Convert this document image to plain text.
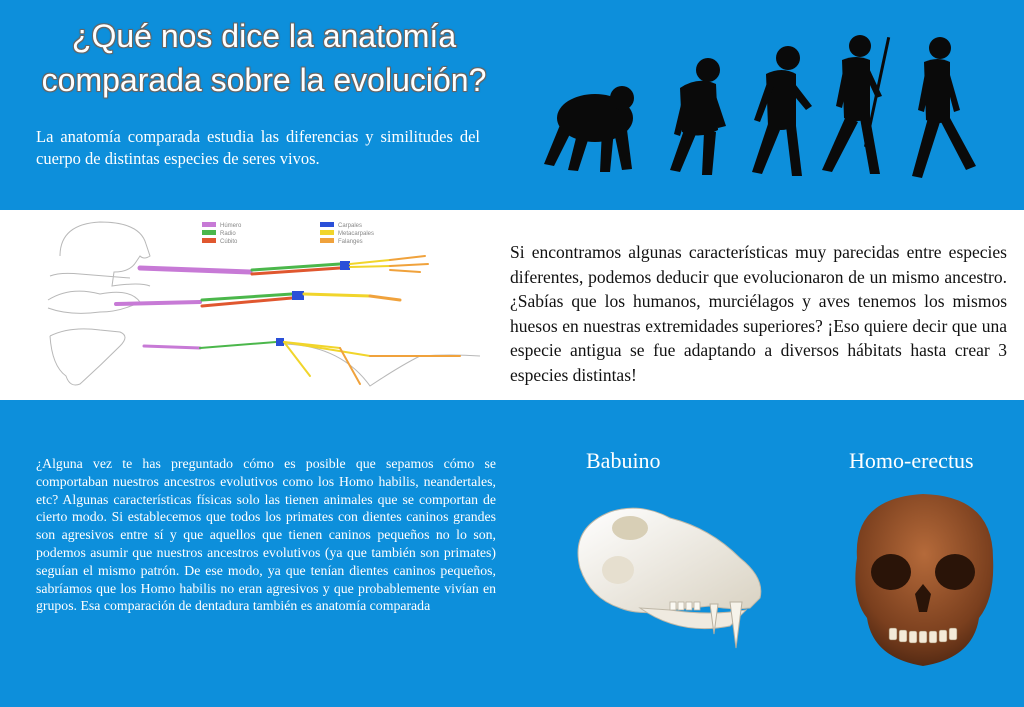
¿Qué nos dice la anatomía comparada sobre la evolución?
La anatomía comparada estudia las diferencias y similitudes del cuerpo de distintas especies de seres vivos.
Húmero
Radio
Cúbito
Carpales
Metacarpales
Falanges	Si encontramos algunas características muy parecidas entre especies diferentes, podemos deducir que evolucionaron de un mismo ancestro. ¿Sabías que los humanos, murciélagos y aves tenemos los mismos huesos en nuestras extremidades superiores? ¡Eso quiere decir que una especie antigua se fue adaptando a diversos hábitats hasta crear 3 especies distintas!
¿Alguna vez te has preguntado cómo es posible que sepamos cómo se comportaban nuestros ancestros evolutivos como los Homo habilis, neandertales, etc? Algunas características físicas solo las tienen animales que se comportan de cierto modo. Si establecemos que todos los primates con dientes caninos grandes son agresivos entre sí y que aquellos que tienen caninos pequeños no lo son, podemos asumir que nuestros ancestros evolutivos (ya que también son primates) seguían el mismo patrón. De ese modo, ya que tenían dientes caninos pequeños, sabríamos que los Homo habilis no eran agresivos y que probablemente vivían en grupos. Esa comparación de dentadura también es anatomía comparada
Babuino	Homo-erectus
